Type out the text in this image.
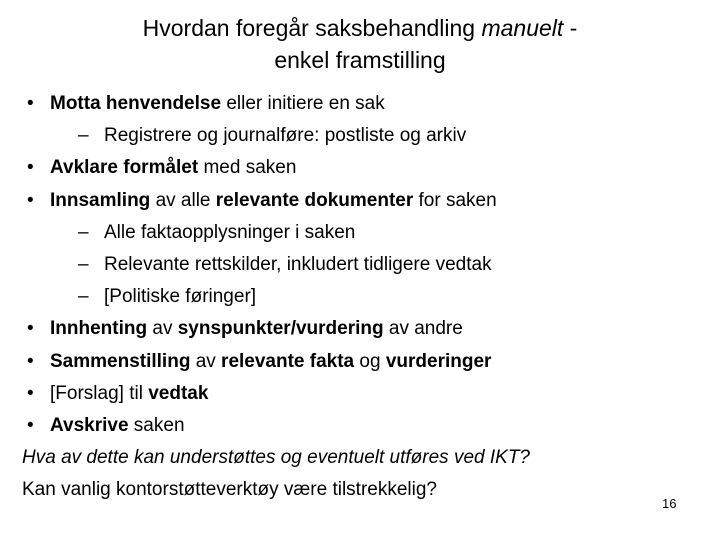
Hvordan foregår saksbehandling manuelt -
enkel framstilling
• Motta henvendelse eller initiere en sak
– Registrere og journalføre: postliste og arkiv
• Avklare formålet med saken
• Innsamling av alle relevante dokumenter for saken
– Alle faktaopplysninger i saken
– Relevante rettskilder, inkludert tidligere vedtak
– [Politiske føringer]
• Innhenting av synspunkter/vurdering av andre
• Sammenstilling av relevante fakta og vurderinger
• [Forslag] til vedtak
• Avskrive saken
Hva av dette kan understøttes og eventuelt utføres ved IKT?
Kan vanlig kontorstøtteverktøy være tilstrekkelig?
16
